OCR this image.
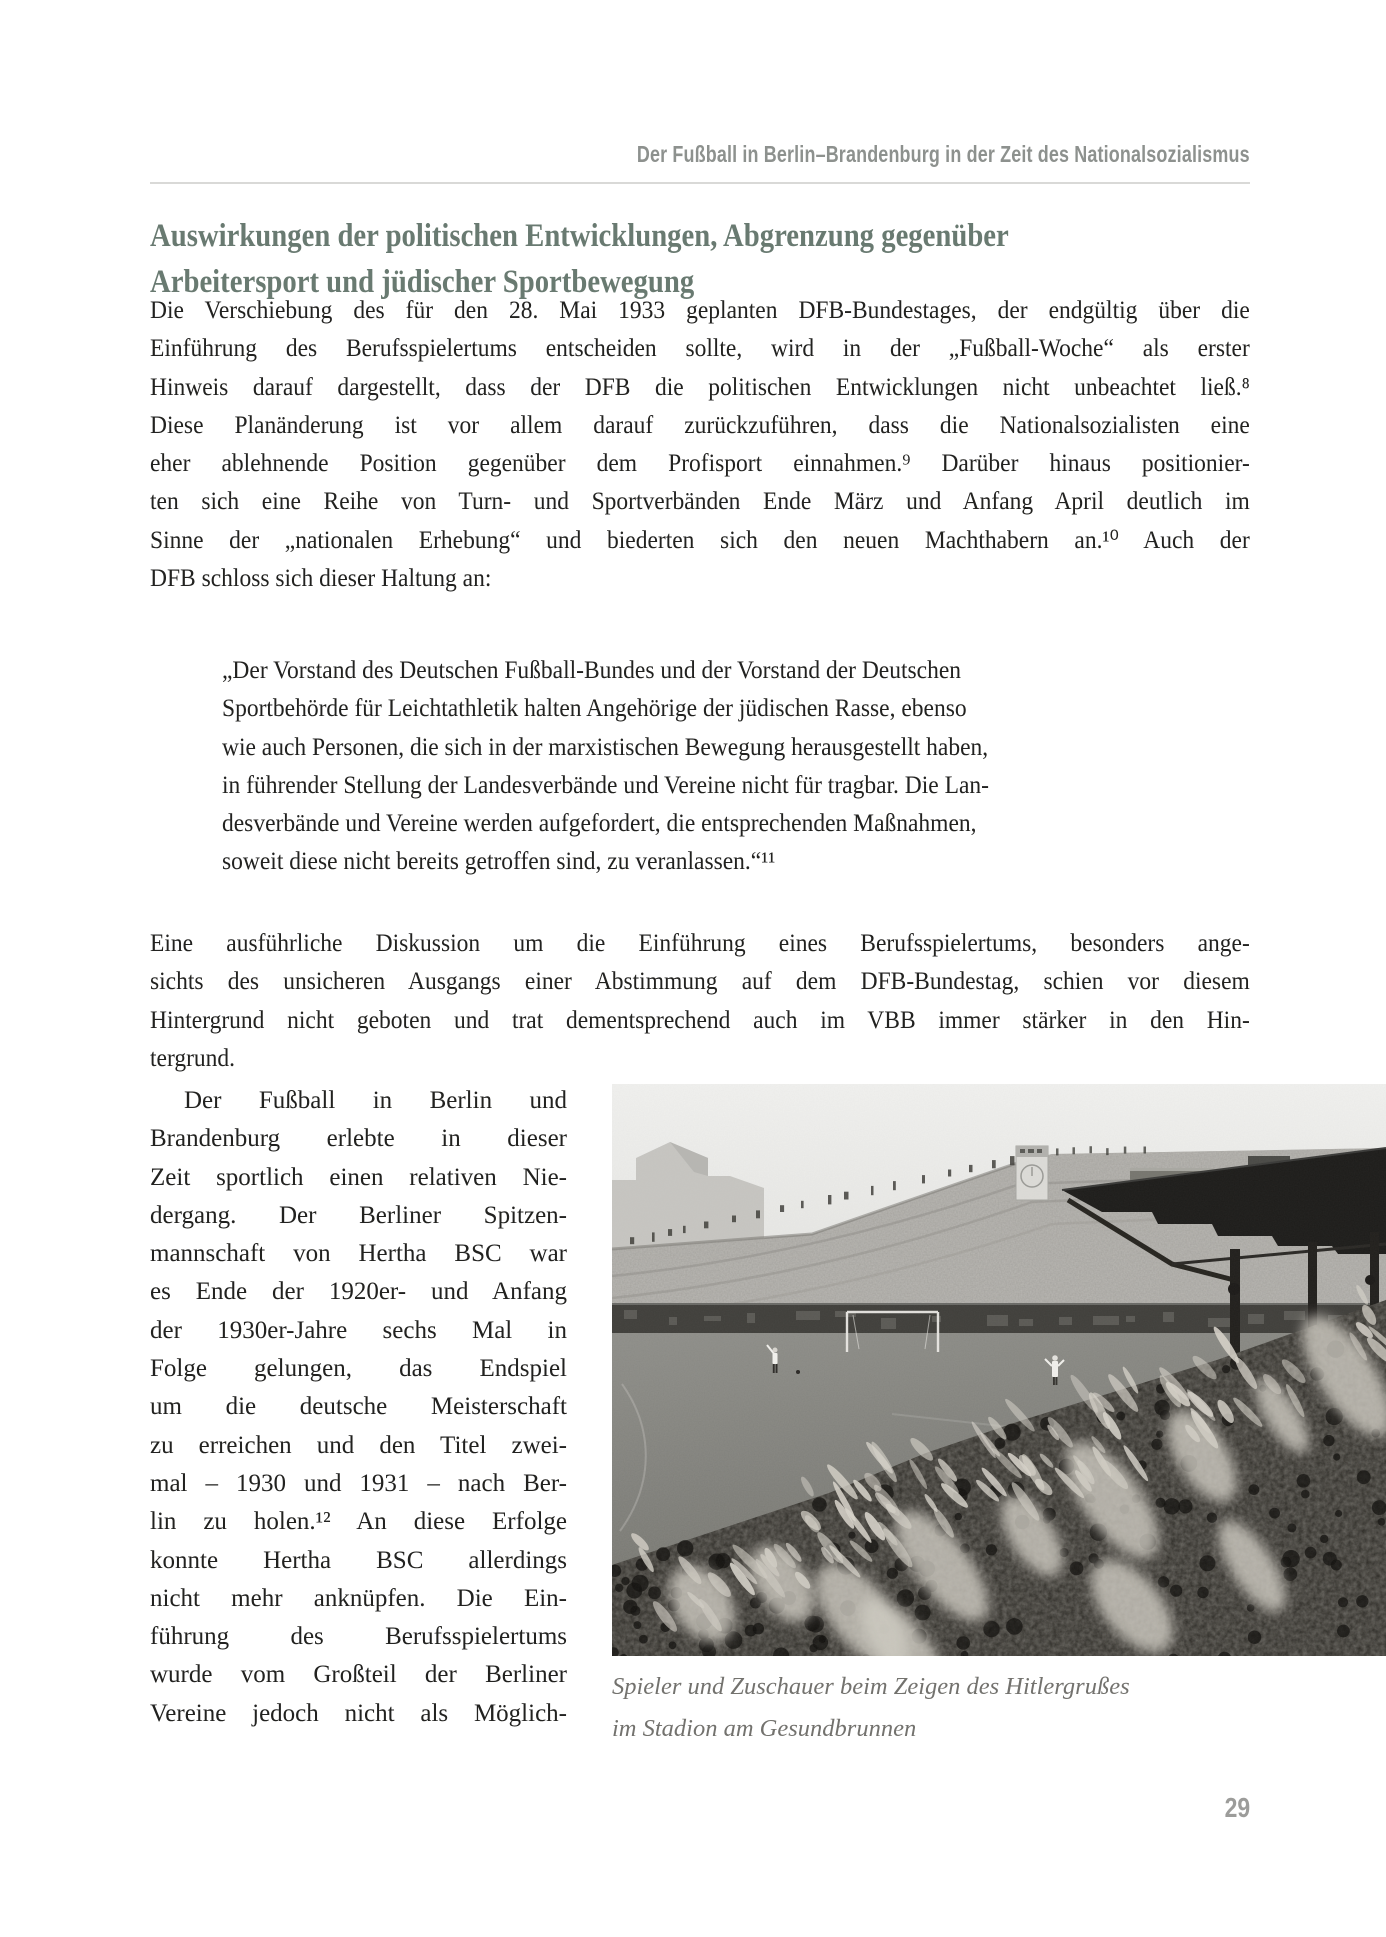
Der Fußball in Berlin–Brandenburg in der Zeit des Nationalsozialismus
Auswirkungen der politischen Entwicklungen, Abgrenzung gegenüber
Arbeitersport und jüdischer Sportbewegung
Die Verschiebung des für den 28. Mai 1933 geplanten DFB-Bundestages, der endgültig über die
Einführung des Berufsspielertums entscheiden sollte, wird in der „Fußball-Woche“ als erster
Hinweis darauf dargestellt, dass der DFB die politischen Entwicklungen nicht unbeachtet ließ.⁸
Diese Planänderung ist vor allem darauf zurückzuführen, dass die Nationalsozialisten eine
eher ablehnende Position gegenüber dem Profisport einnahmen.⁹ Darüber hinaus positionier-
ten sich eine Reihe von Turn- und Sportverbänden Ende März und Anfang April deutlich im
Sinne der „nationalen Erhebung“ und biederten sich den neuen Machthabern an.¹⁰ Auch der
DFB schloss sich dieser Haltung an:
„Der Vorstand des Deutschen Fußball-Bundes und der Vorstand der Deutschen
Sportbehörde für Leichtathletik halten Angehörige der jüdischen Rasse, ebenso
wie auch Personen, die sich in der marxistischen Bewegung herausgestellt haben,
in führender Stellung der Landesverbände und Vereine nicht für tragbar. Die Lan-
desverbände und Vereine werden aufgefordert, die entsprechenden Maßnahmen,
soweit diese nicht bereits getroffen sind, zu veranlassen.“¹¹
Eine ausführliche Diskussion um die Einführung eines Berufsspielertums, besonders ange-
sichts des unsicheren Ausgangs einer Abstimmung auf dem DFB-Bundestag, schien vor diesem
Hintergrund nicht geboten und trat dementsprechend auch im VBB immer stärker in den Hin-
tergrund.
Der Fußball in Berlin und
Brandenburg erlebte in dieser
Zeit sportlich einen relativen Nie-
dergang. Der Berliner Spitzen-
mannschaft von Hertha BSC war
es Ende der 1920er- und Anfang
der 1930er-Jahre sechs Mal in
Folge gelungen, das Endspiel
um die deutsche Meisterschaft
zu erreichen und den Titel zwei-
mal – 1930 und 1931 – nach Ber-
lin zu holen.¹² An diese Erfolge
konnte Hertha BSC allerdings
nicht mehr anknüpfen. Die Ein-
führung des Berufsspielertums
wurde vom Großteil der Berliner
Vereine jedoch nicht als Möglich-
Spieler und Zuschauer beim Zeigen des Hitlergrußes
im Stadion am Gesundbrunnen
29
